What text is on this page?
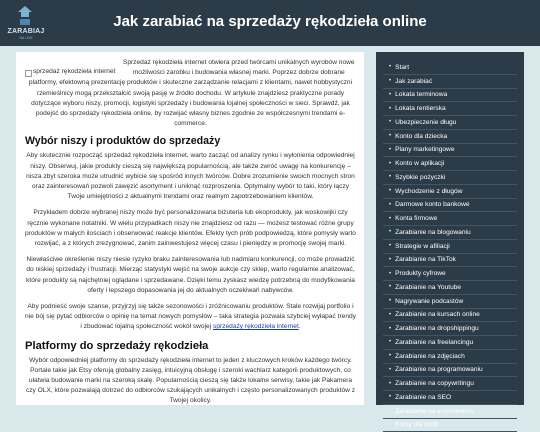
ZARABIAJ
NA LINII
Jak zarabiać na sprzedaży rękodzieła online
sprzedaż rękodzieła internet

Sprzedaż rękodzieła internet otwiera przed twórcami unikalnych wyrobów nowe możliwości zarobku i budowania własnej marki. Poprzez dobrze dobrane platformy, efektowną prezentację produktów i skuteczne zarządzanie relacjami z klientami, nawet hobbystyczni rzemieślnicy mogą przekształcić swoją pasję w źródło dochodu. W artykule znajdziesz praktyczne porady dotyczące wyboru niszy, promocji, logistyki sprzedaży i budowania lojalnej społeczności w sieci. Sprawdź, jak podejść do sprzedaży rękodzieła online, by rozwijać własny biznes zgodnie ze współczesnymi trendami e-commerce.

Wybór niszy i produktów do sprzedaży

Aby skutecznie rozpocząć sprzedaż rękodzieła internet, warto zacząć od analizy rynku i wyłonienia odpowiedniej niszy. Obserwuj, jakie produkty cieszą się największą popularnością, ale także zwróć uwagę na konkurencję – nisza zbyt szeroka może utrudnić wybicie się spośród innych twórców. Dobre zrozumienie swoich mocnych stron oraz zainteresowań pozwoli zawęzić asortyment i uniknąć rozproszenia. Optymalny wybór to taki, który łączy Twoje umiejętności z aktualnymi trendami oraz realnym zapotrzebowaniem klientów.

Przykładem dobrze wybranej niszy może być personalizowana biżuteria lub ekoprodukty, jak woskowijki czy ręcznie wykonane notatniki. W wielu przypadkach niszy nie znajdziesz od razu — możesz testować różne grupy produktów w małych ilościach i obserwować reakcje klientów. Efekty tych prób podpowiedzą, które pomysły warto rozwijać, a z których zrezygnować, zanim zainwestujesz więcej czasu i pieniędzy w promocję swojej marki.

Niewłaściwe określenie niszy niesie ryzyko braku zainteresowania lub nadmiaru konkurencji, co może prowadzić do niskiej sprzedaży i frustracji. Mierząc statystyki wejść na swoje aukcje czy sklep, warto regularnie analizować, które produkty są najchętniej oglądane i sprzedawane. Dzięki temu zyskasz wiedzę potrzebną do modyfikowania oferty i lepszego dopasowania jej do aktualnych oczekiwań nabywców.

Aby podnieść swoje szanse, przyjrzyj się także sezonowości i zróżnicowaniu produktów. Stale rozwijaj portfolio i nie bój się pytać odbiorców o opinię na temat nowych pomysłów – taka strategia pozwala szybciej wyłapać trendy i zbudować lojalną społeczność wokół swojej sprzedaży rękodzieła internet.

Platformy do sprzedaży rękodzieła

Wybór odpowiedniej platformy do sprzedaży rękodzieła internet to jeden z kluczowych kroków każdego twórcy. Portale takie jak Etsy oferują globalny zasięg, intuicyjną obsługę i szeroki wachlarz kategorii produktowych, co ułatwia budowanie marki na szeroką skalę. Popularnością cieszą się także lokalne serwisy, takie jak Pakamera czy OLX, które pozwalają dotrzeć do odbiorców szukających unikalnych i często personalizowanych produktów z Twojej okolicy.

• Start
• Jak zarabiać
• Lokata terminowa
• Lokata rentierska
• Ubezpieczenie długu
• Konto dla dziecka
• Plany marketingowe
• Konto w aplikacji
• Szybkie pożyczki
• Wychodzenie z długów
• Darmowe konto bankowe
• Konta firmowe
• Zarabianie na blogowaniu
• Strategie w afiliacji
• Zarabianie na TikTok
• Produkty cyfrowe
• Zarabianie na Youtube
• Nagrywanie podcastów
• Zarabianie na kursach online
• Zarabianie na dropshippingu
• Zarabianie na freelancingu
• Zarabianie na zdjęciach
• Zarabianie na programowaniu
• Zarabianie na copywritingu
• Zarabianie na SEO
• Zarabianie na e-commerce
• Kursy dla osób
